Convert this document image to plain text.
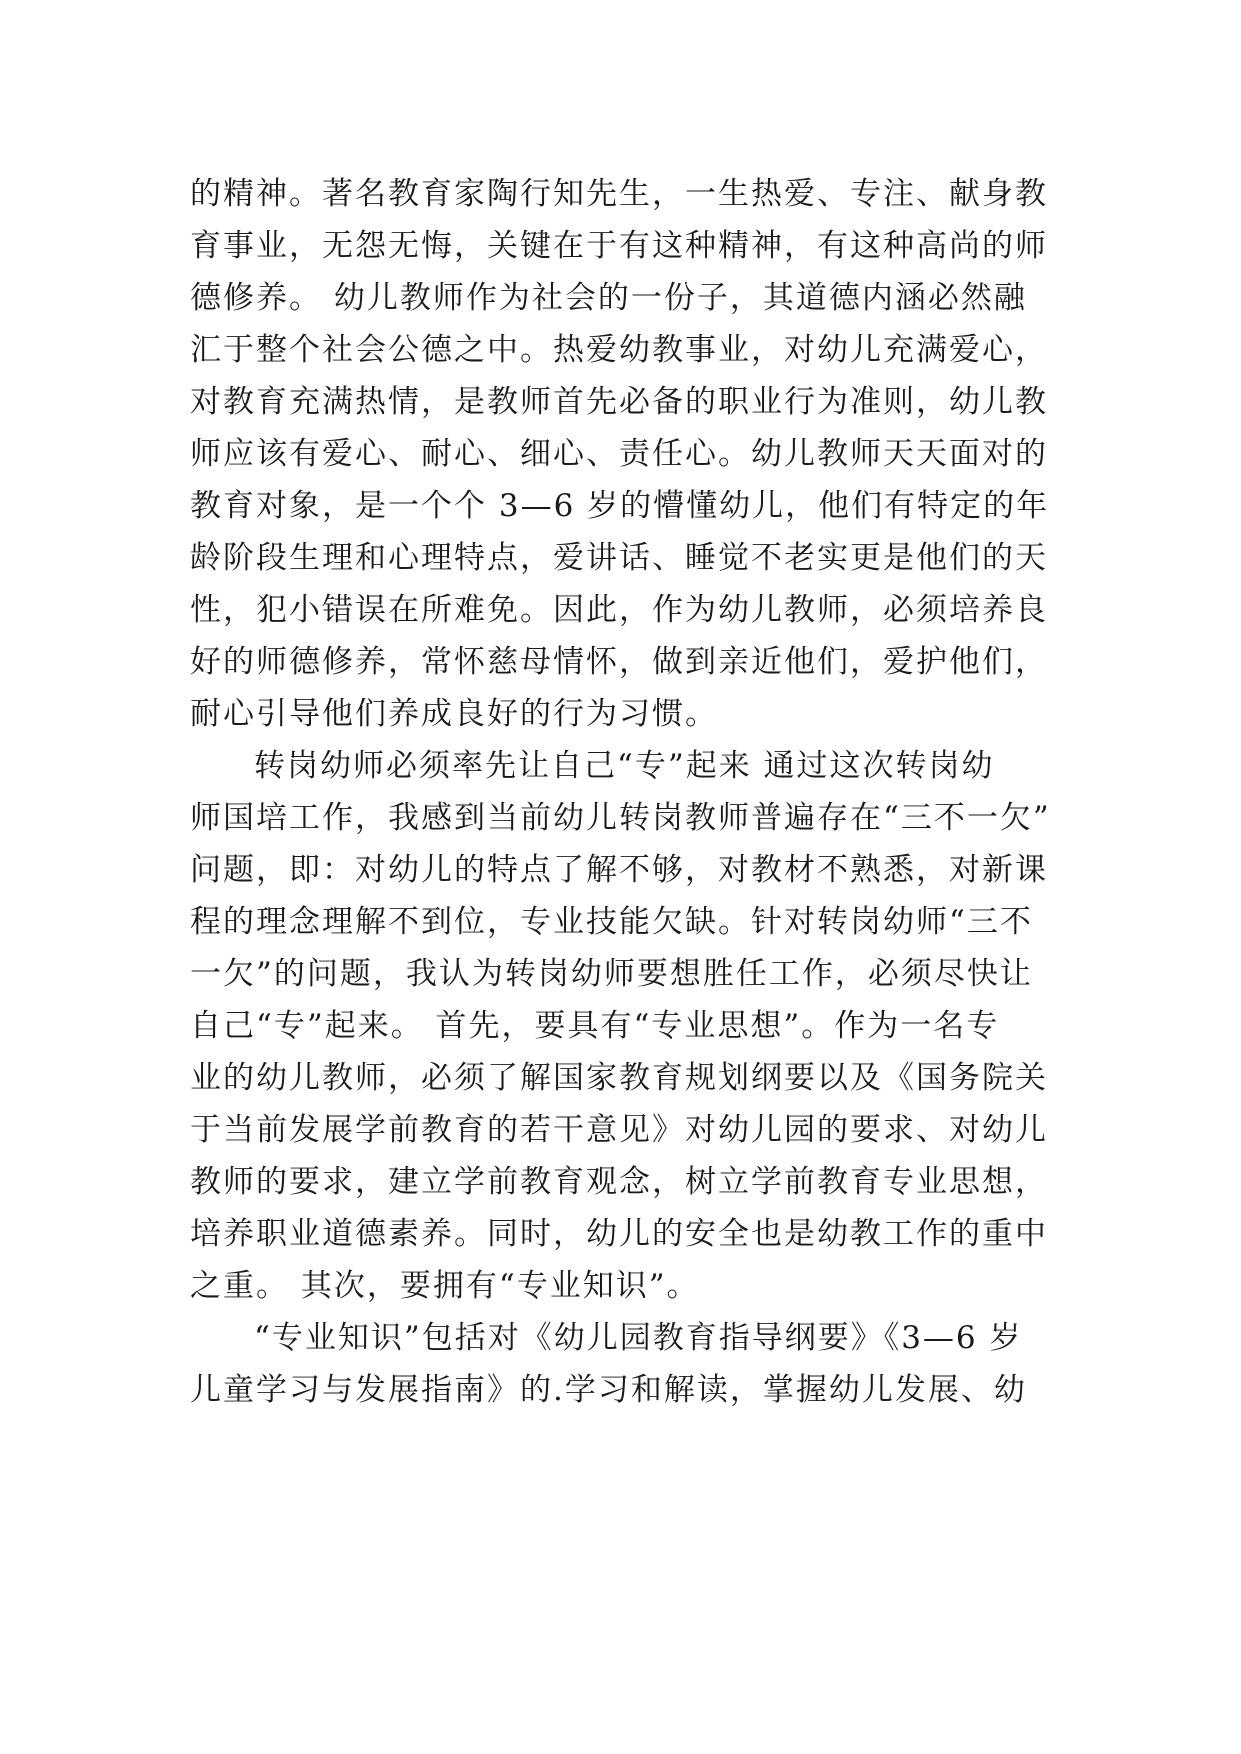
的精神。著名教育家陶行知先生，一生热爱、专注、献身教
育事业，无怨无悔，关键在于有这种精神，有这种高尚的师
德修养。 幼儿教师作为社会的一份子，其道德内涵必然融
汇于整个社会公德之中。热爱幼教事业，对幼儿充满爱心，
对教育充满热情，是教师首先必备的职业行为准则，幼儿教
师应该有爱心、耐心、细心、责任心。幼儿教师天天面对的
教育对象，是一个个 3—6 岁的懵懂幼儿，他们有特定的年
龄阶段生理和心理特点，爱讲话、睡觉不老实更是他们的天
性，犯小错误在所难免。因此，作为幼儿教师，必须培养良
好的师德修养，常怀慈母情怀，做到亲近他们，爱护他们，
耐心引导他们养成良好的行为习惯。
转岗幼师必须率先让自己“专”起来 通过这次转岗幼
师国培工作，我感到当前幼儿转岗教师普遍存在“三不一欠”
问题，即：对幼儿的特点了解不够，对教材不熟悉，对新课
程的理念理解不到位，专业技能欠缺。针对转岗幼师“三不
一欠”的问题，我认为转岗幼师要想胜任工作，必须尽快让
自己“专”起来。 首先，要具有“专业思想”。作为一名专
业的幼儿教师，必须了解国家教育规划纲要以及《国务院关
于当前发展学前教育的若干意见》对幼儿园的要求、对幼儿
教师的要求，建立学前教育观念，树立学前教育专业思想，
培养职业道德素养。同时，幼儿的安全也是幼教工作的重中
之重。 其次，要拥有“专业知识”。
“专业知识”包括对《幼儿园教育指导纲要》《3—6 岁
儿童学习与发展指南》的.学习和解读，掌握幼儿发展、幼
